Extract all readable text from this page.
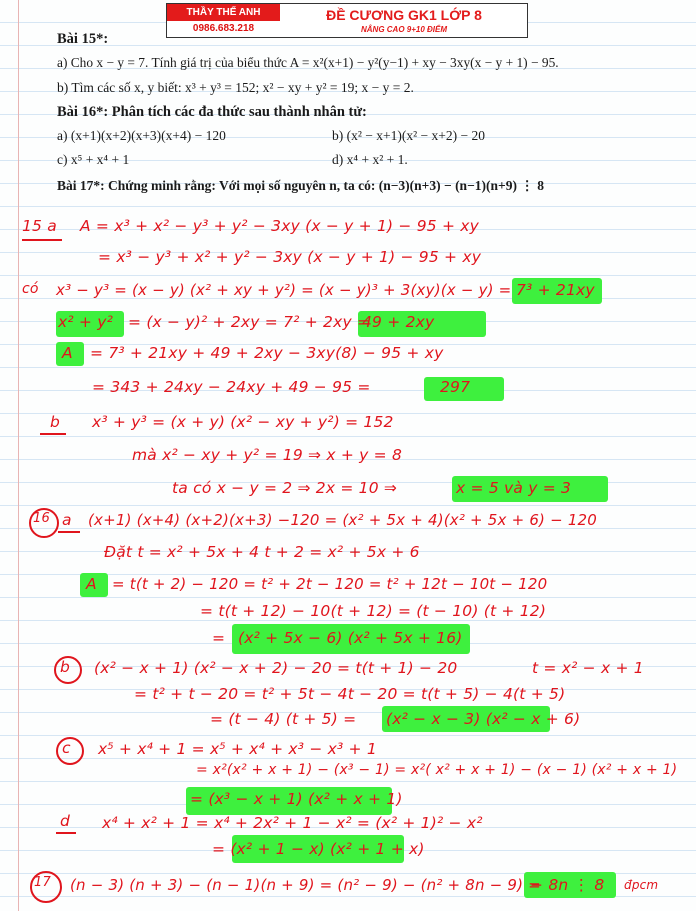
THẦY THẾ ANH
0986.683.218
ĐỀ CƯƠNG GK1 LỚP 8
NÂNG CAO 9+10 ĐIỂM
Bài 15*:
a) Cho x − y = 7. Tính giá trị của biểu thức A = x²(x+1) − y²(y−1) + xy − 3xy(x − y + 1) − 95.
b) Tìm các số x, y biết: x³ + y³ = 152; x² − xy + y² = 19; x − y = 2.
Bài 16*: Phân tích các đa thức sau thành nhân tử:
a) (x+1)(x+2)(x+3)(x+4) − 120	b) (x² − x+1)(x² − x+2) − 20
c) x⁵ + x⁴ + 1	d) x⁴ + x² + 1.
Bài 17*: Chứng minh rằng: Với mọi số nguyên n, ta có: (n−3)(n+3) − (n−1)(n+9) ⋮ 8
15 a A = x³ + x² − y³ + y² − 3xy (x − y + 1) − 95 + xy
= x³ − y³ + x² + y² − 3xy (x − y + 1) − 95 + xy
có x³ − y³ = (x − y) (x² + xy + y²) = (x − y)³ + 3(xy)(x − y) = 7³ + 21xy
x² + y² = (x − y)² + 2xy = 7² + 2xy =
49 + 2xy
A = 7³ + 21xy + 49 + 2xy − 3xy(8) − 95 + xy
= 343 + 24xy − 24xy + 49 − 95 =	297
b x³ + y³ = (x + y) (x² − xy + y²) = 152
mà x² − xy + y² = 19 ⇒ x + y = 8
ta có x − y = 2 ⇒ 2x = 10 ⇒	x = 5 và y = 3
16 a (x+1) (x+4) (x+2)(x+3) −120 = (x² + 5x + 4)(x² + 5x + 6) − 120
Đặt t = x² + 5x + 4 t + 2 = x² + 5x + 6
A = t(t + 2) − 120 = t² + 2t − 120 = t² + 12t − 10t − 120
= t(t + 12) − 10(t + 12) = (t − 10) (t + 12)
= (x² + 5x − 6) (x² + 5x + 16)
b (x² − x + 1) (x² − x + 2) − 20 = t(t + 1) − 20	t = x² − x + 1
= t² + t − 20 = t² + 5t − 4t − 20 = t(t + 5) − 4(t + 5)
= (t − 4) (t + 5) = (x² − x − 3) (x² − x + 6)
c x⁵ + x⁴ + 1 = x⁵ + x⁴ + x³ − x³ + 1
= x²(x² + x + 1) − (x³ − 1) = x²( x² + x + 1) − (x − 1) (x² + x + 1)
= (x³ − x + 1) (x² + x + 1)
d x⁴ + x² + 1 = x⁴ + 2x² + 1 − x² = (x² + 1)² − x²
= (x² + 1 − x) (x² + 1 + x)
17 (n − 3) (n + 3) − (n − 1)(n + 9) = (n² − 9) − (n² + 8n − 9) =
− 8n ⋮ 8 đpcm
